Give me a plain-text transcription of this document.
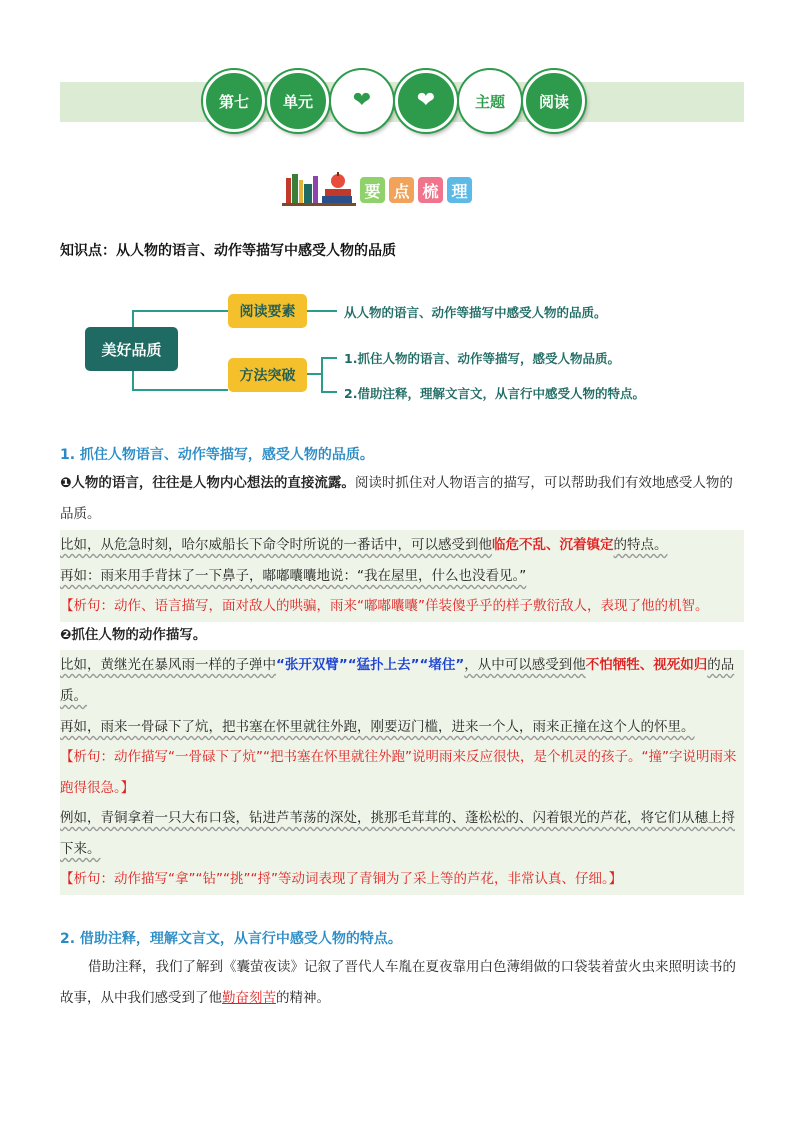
第七	单元	❤ ❤	主题	阅读
要 点 梳 理
知识点：从人物的语言、动作等描写中感受人物的品质
美好品质
阅读要素
方法突破
从人物的语言、动作等描写中感受人物的品质。
1.抓住人物的语言、动作等描写，感受人物品质。
2.借助注释，理解文言文，从言行中感受人物的特点。
1. 抓住人物语言、动作等描写，感受人物的品质。
❶人物的语言，往往是人物内心想法的直接流露。阅读时抓住对人物语言的描写，可以帮助我们有效地感受人物的品质。
比如，从危急时刻，哈尔威船长下命令时所说的一番话中，可以感受到他临危不乱、沉着镇定的特点。
再如：雨来用手背抹了一下鼻子，嘟嘟囔囔地说：“我在屋里，什么也没看见。”
【析句：动作、语言描写，面对敌人的哄骗，雨来“嘟嘟囔囔”佯装傻乎乎的样子敷衍敌人，表现了他的机智。
❷抓住人物的动作描写。
比如，黄继光在暴风雨一样的子弹中“张开双臂”“猛扑上去”“堵住”，从中可以感受到他不怕牺牲、视死如归的品质。
再如，雨来一骨碌下了炕，把书塞在怀里就往外跑，刚要迈门槛，进来一个人，雨来正撞在这个人的怀里。
【析句：动作描写“一骨碌下了炕”“把书塞在怀里就往外跑”说明雨来反应很快，是个机灵的孩子。“撞”字说明雨来跑得很急。】
例如，青铜拿着一只大布口袋，钻进芦苇荡的深处，挑那毛茸茸的、蓬松松的、闪着银光的芦花，将它们从穗上捋下来。
【析句：动作描写“拿”“钻”“挑”“捋”等动词表现了青铜为了采上等的芦花，非常认真、仔细。】
2. 借助注释，理解文言文，从言行中感受人物的特点。
借助注释，我们了解到《囊萤夜读》记叙了晋代人车胤在夏夜靠用白色薄绢做的口袋装着萤火虫来照明读书的故事，从中我们感受到了他勤奋刻苦的精神。
